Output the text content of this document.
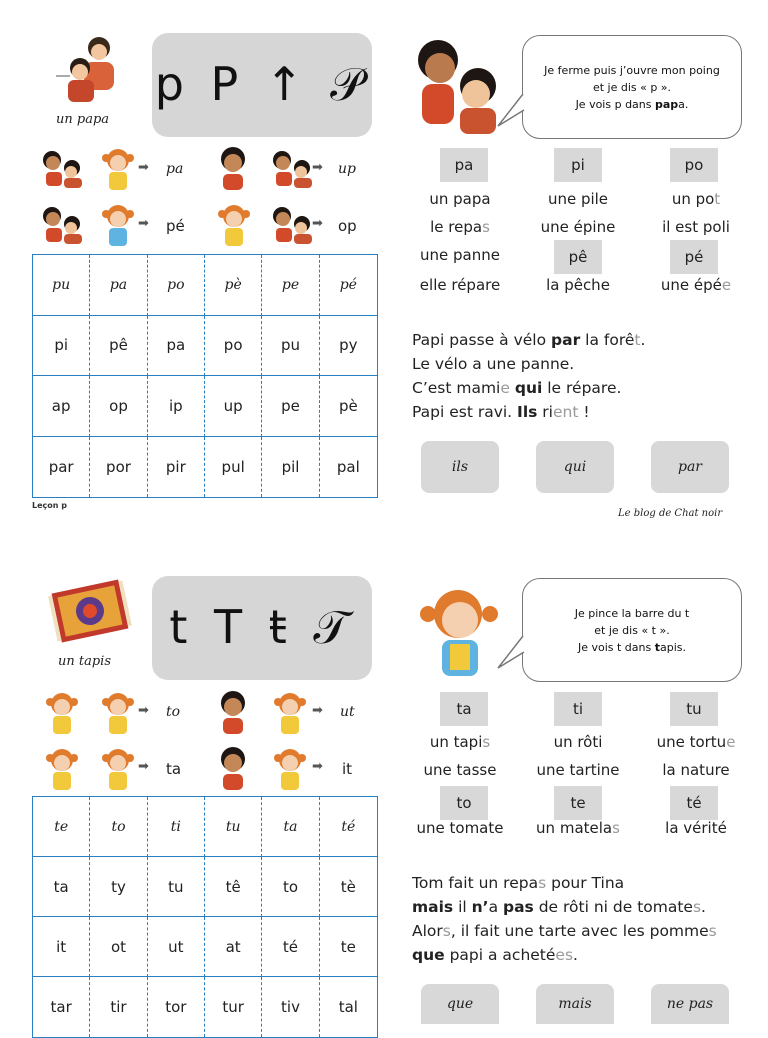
un papa
p P ↑ 𝒫	Je ferme puis j’ouvre mon poing
et je dis « p ».
Je vois p dans papa.
➡ pa	➡ up
➡ pé	➡ op
pu	pa	po	pè	pe	pé
pi	pê	pa	po	pu	py
ap	op	ip	up	pe	pè
par	por	pir	pul	pil	pal
Leçon p
pa	pi	po
un papa	une pile	un pot
le repas	une épine	il est poli
une panne	pê	pé
elle répare	la pêche	une épée
Papi passe à vélo par la forêt.
Le vélo a une panne.
C’est mamie qui le répare.
Papi est ravi. Ils rient !
ils	qui	par
Le blog de Chat noir
un tapis
t T ŧ 𝒯	Je pince la barre du t
et je dis « t ».
Je vois t dans tapis.
➡ to	➡ ut
➡ ta	➡ it
te	to	ti	tu	ta	té
ta	ty	tu	tê	to	tè
it	ot	ut	at	té	te
tar	tir	tor	tur	tiv	tal
ta	ti	tu
un tapis	un rôti	une tortue
une tasse	une tartine	la nature
to	te	té
une tomate	un matelas	la vérité
Tom fait un repas pour Tina
mais il n’a pas de rôti ni de tomates.
Alors, il fait une tarte avec les pommes
que papi a achetées.
que	mais	ne pas
